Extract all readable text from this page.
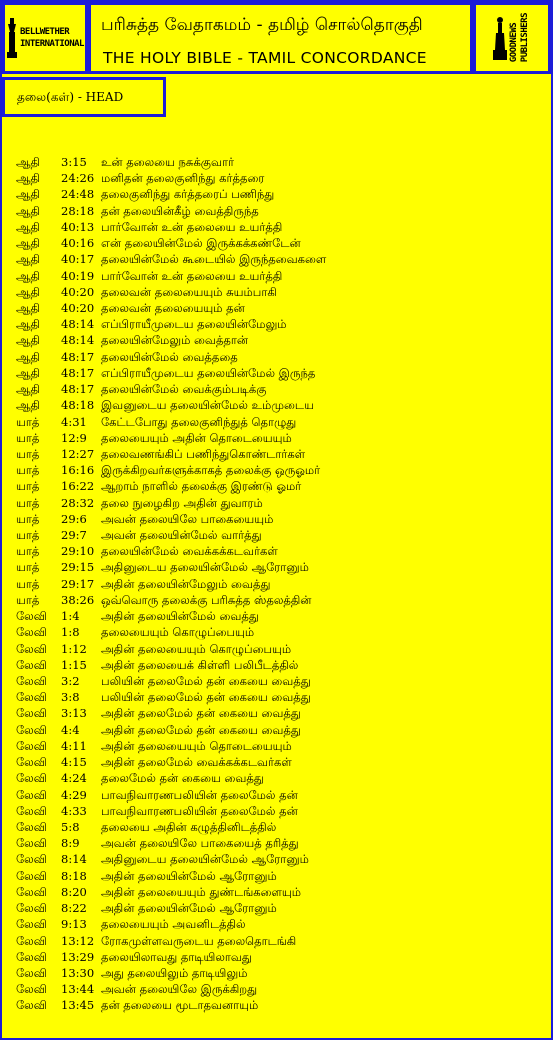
BELLWETHER
INTERNATIONAL
பரிசுத்த வேதாகமம் - தமிழ் சொல்தொகுதி
THE HOLY BIBLE - TAMIL CONCORDANCE	GOODNEWS
PUBLISHERS
தலை(கள்) - HEAD
ஆதி 3:15 உன் தலையை நசுக்குவார்
ஆதி 24:26 மனிதன் தலைகுனிந்து கர்த்தரை
ஆதி 24:48 தலைகுனிந்து கர்த்தரைப் பணிந்து
ஆதி 28:18 தன் தலையின்கீழ் வைத்திருந்த
ஆதி 40:13 பார்வோன் உன் தலையை உயர்த்தி
ஆதி 40:16 என் தலையின்மேல் இருக்கக்கண்டேன்
ஆதி 40:17 தலையின்மேல் கூடையில் இருந்தவைகளை
ஆதி 40:19 பார்வோன் உன் தலையை உயர்த்தி
ஆதி 40:20 தலைவன் தலையையும் சுயம்பாகி
ஆதி 40:20 தலைவன் தலையையும் தன்
ஆதி 48:14 எப்பிராயீமுடைய தலையின்மேலும்
ஆதி 48:14 தலையின்மேலும் வைத்தான்
ஆதி 48:17 தலையின்மேல் வைத்ததை
ஆதி 48:17 எப்பிராயீமுடைய தலையின்மேல் இருந்த
ஆதி 48:17 தலையின்மேல் வைக்கும்படிக்கு
ஆதி 48:18 இவனுடைய தலையின்மேல் உம்முடைய
யாத் 4:31 கேட்டபோது தலைகுனிந்துத் தொழுது
யாத் 12:9 தலையையும் அதின் தொடையையும்
யாத் 12:27 தலைவணங்கிப் பணிந்துகொண்டார்கள்
யாத் 16:16 இருக்கிறவர்களுக்காகத் தலைக்கு ஒருஓமர்
யாத் 16:22 ஆறாம் நாளில் தலைக்கு இரண்டு ஓமர்
யாத் 28:32 தலை நுழைகிற அதின் துவாரம்
யாத் 29:6 அவன் தலையிலே பாகையையும்
யாத் 29:7 அவன் தலையின்மேல் வார்த்து
யாத் 29:10 தலையின்மேல் வைக்கக்கடவர்கள்
யாத் 29:15 அதினுடைய தலையின்மேல் ஆரோனும்
யாத் 29:17 அதின் தலையின்மேலும் வைத்து
யாத் 38:26 ஒவ்வொரு தலைக்கு பரிசுத்த ஸ்தலத்தின்
லேவி 1:4 அதின் தலையின்மேல் வைத்து
லேவி 1:8 தலையையும் கொழுப்பையும்
லேவி 1:12 அதின் தலையையும் கொழுப்பையும்
லேவி 1:15 அதின் தலையைக் கிள்ளி பலிபீடத்தில்
லேவி 3:2 பலியின் தலைமேல் தன் கையை வைத்து
லேவி 3:8 பலியின் தலைமேல் தன் கையை வைத்து
லேவி 3:13 அதின் தலைமேல் தன் கையை வைத்து
லேவி 4:4 அதின் தலைமேல் தன் கையை வைத்து
லேவி 4:11 அதின் தலையையும் தொடையையும்
லேவி 4:15 அதின் தலைமேல் வைக்கக்கடவர்கள்
லேவி 4:24 தலைமேல் தன் கையை வைத்து
லேவி 4:29 பாவநிவாரணபலியின் தலைமேல் தன்
லேவி 4:33 பாவநிவாரணபலியின் தலைமேல் தன்
லேவி 5:8 தலையை அதின் கழுத்தினிடத்தில்
லேவி 8:9 அவன் தலையிலே பாகையைத் தரித்து
லேவி 8:14 அதினுடைய தலையின்மேல் ஆரோனும்
லேவி 8:18 அதின் தலையின்மேல் ஆரோனும்
லேவி 8:20 அதின் தலையையும் துண்டங்களையும்
லேவி 8:22 அதின் தலையின்மேல் ஆரோனும்
லேவி 9:13 தலையையும் அவனிடத்தில்
லேவி 13:12 ரோகமுள்ளவருடைய தலைதொடங்கி
லேவி 13:29 தலையிலாவது தாடியிலாவது
லேவி 13:30 அது தலையிலும் தாடியிலும்
லேவி 13:44 அவன் தலையிலே இருக்கிறது
லேவி 13:45 தன் தலையை மூடாதவனாயும்
